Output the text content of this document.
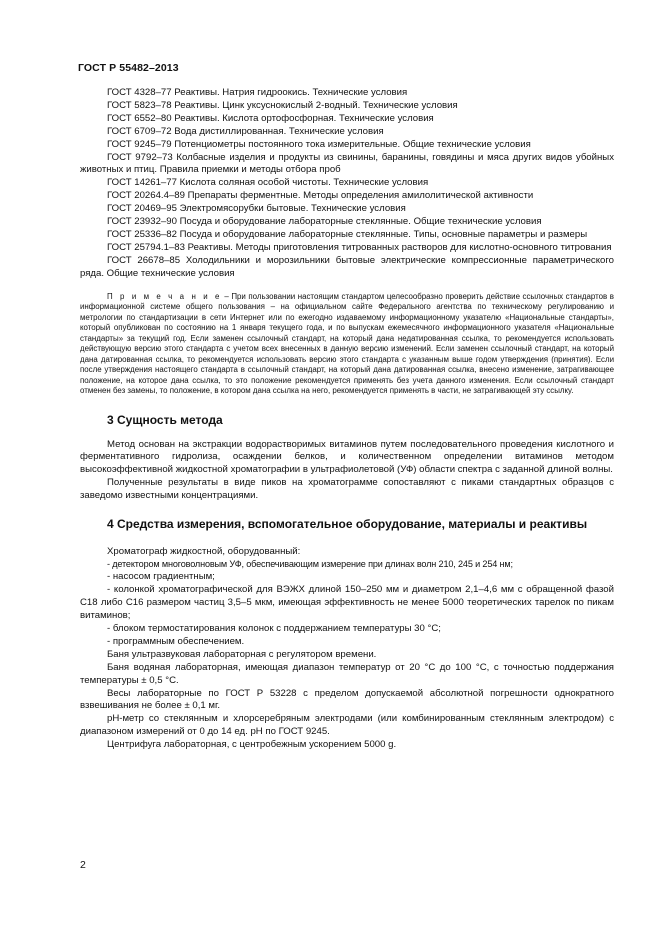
ГОСТ Р 55482–2013

ГОСТ 4328–77 Реактивы. Натрия гидроокись. Технические условия

ГОСТ 5823–78 Реактивы. Цинк уксуснокислый 2-водный. Технические условия

ГОСТ 6552–80 Реактивы. Кислота ортофосфорная. Технические условия

ГОСТ 6709–72 Вода дистиллированная. Технические условия

ГОСТ 9245–79 Потенциометры постоянного тока измерительные. Общие технические условия

ГОСТ 9792–73 Колбасные изделия и продукты из свинины, баранины, говядины и мяса других видов убойных животных и птиц. Правила приемки и методы отбора проб

ГОСТ 14261–77 Кислота соляная особой чистоты. Технические условия

ГОСТ 20264.4–89 Препараты ферментные. Методы определения амилолитической активности

ГОСТ 20469–95 Электромясорубки бытовые. Технические условия

ГОСТ 23932–90 Посуда и оборудование лабораторные стеклянные. Общие технические условия

ГОСТ 25336–82 Посуда и оборудование лабораторные стеклянные. Типы, основные параметры и размеры

ГОСТ 25794.1–83 Реактивы. Методы приготовления титрованных растворов для кислотно-основного титрования

ГОСТ 26678–85 Холодильники и морозильники бытовые электрические компрессионные параметрического ряда. Общие технические условия

П р и м е ч а н и е – При пользовании настоящим стандартом целесообразно проверить действие ссылочных стандартов в информационной системе общего пользования – на официальном сайте Федерального агентства по техническому регулированию и метрологии по стандартизации в сети Интернет или по ежегодно издаваемому информационному указателю «Национальные стандарты», который опубликован по состоянию на 1 января текущего года, и по выпускам ежемесячного информационного указателя «Национальные стандарты» за текущий год. Если заменен ссылочный стандарт, на который дана недатированная ссылка, то рекомендуется использовать действующую версию этого стандарта с учетом всех внесенных в данную версию изменений. Если заменен ссылочный стандарт, на который дана датированная ссылка, то рекомендуется использовать версию этого стандарта с указанным выше годом утверждения (принятия). Если после утверждения настоящего стандарта в ссылочный стандарт, на который дана датированная ссылка, внесено изменение, затрагивающее положение, на которое дана ссылка, то это положение рекомендуется применять без учета данного изменения. Если ссылочный стандарт отменен без замены, то положение, в котором дана ссылка на него, рекомендуется применять в части, не затрагивающей эту ссылку.

3 Сущность метода

Метод основан на экстракции водорастворимых витаминов путем последовательного проведения кислотного и ферментативного гидролиза, осаждении белков, и количественном определении витаминов методом высокоэффективной жидкостной хроматографии в ультрафиолетовой (УФ) области спектра с заданной длиной волны.

Полученные результаты в виде пиков на хроматограмме сопоставляют с пиками стандартных образцов с заведомо известными концентрациями.

4 Средства измерения, вспомогательное оборудование, материалы и реактивы

Хроматограф жидкостной, оборудованный:

- детектором многоволновым УФ, обеспечивающим измерение при длинах волн 210, 245 и 254 нм;

- насосом градиентным;

- колонкой хроматографической для ВЭЖХ длиной 150–250 мм и диаметром 2,1–4,6 мм с обращенной фазой С18 либо С16 размером частиц 3,5–5 мкм, имеющая эффективность не менее 5000 теоретических тарелок по пикам витаминов;

- блоком термостатирования колонок с поддержанием температуры 30 °С;

- программным обеспечением.

Баня ультразвуковая лабораторная с регулятором времени.

Баня водяная лабораторная, имеющая диапазон температур от 20 °С до 100 °С, с точностью поддержания температуры ± 0,5 °С.

Весы лабораторные по ГОСТ Р 53228 с пределом допускаемой абсолютной погрешности однократного взвешивания не более ± 0,1 мг.

рН-метр со стеклянным и хлорсеребряным электродами (или комбинированным стеклянным электродом) с диапазоном измерений от 0 до 14 ед. рН по ГОСТ 9245.

Центрифуга лабораторная, с центробежным ускорением 5000 g.

2
